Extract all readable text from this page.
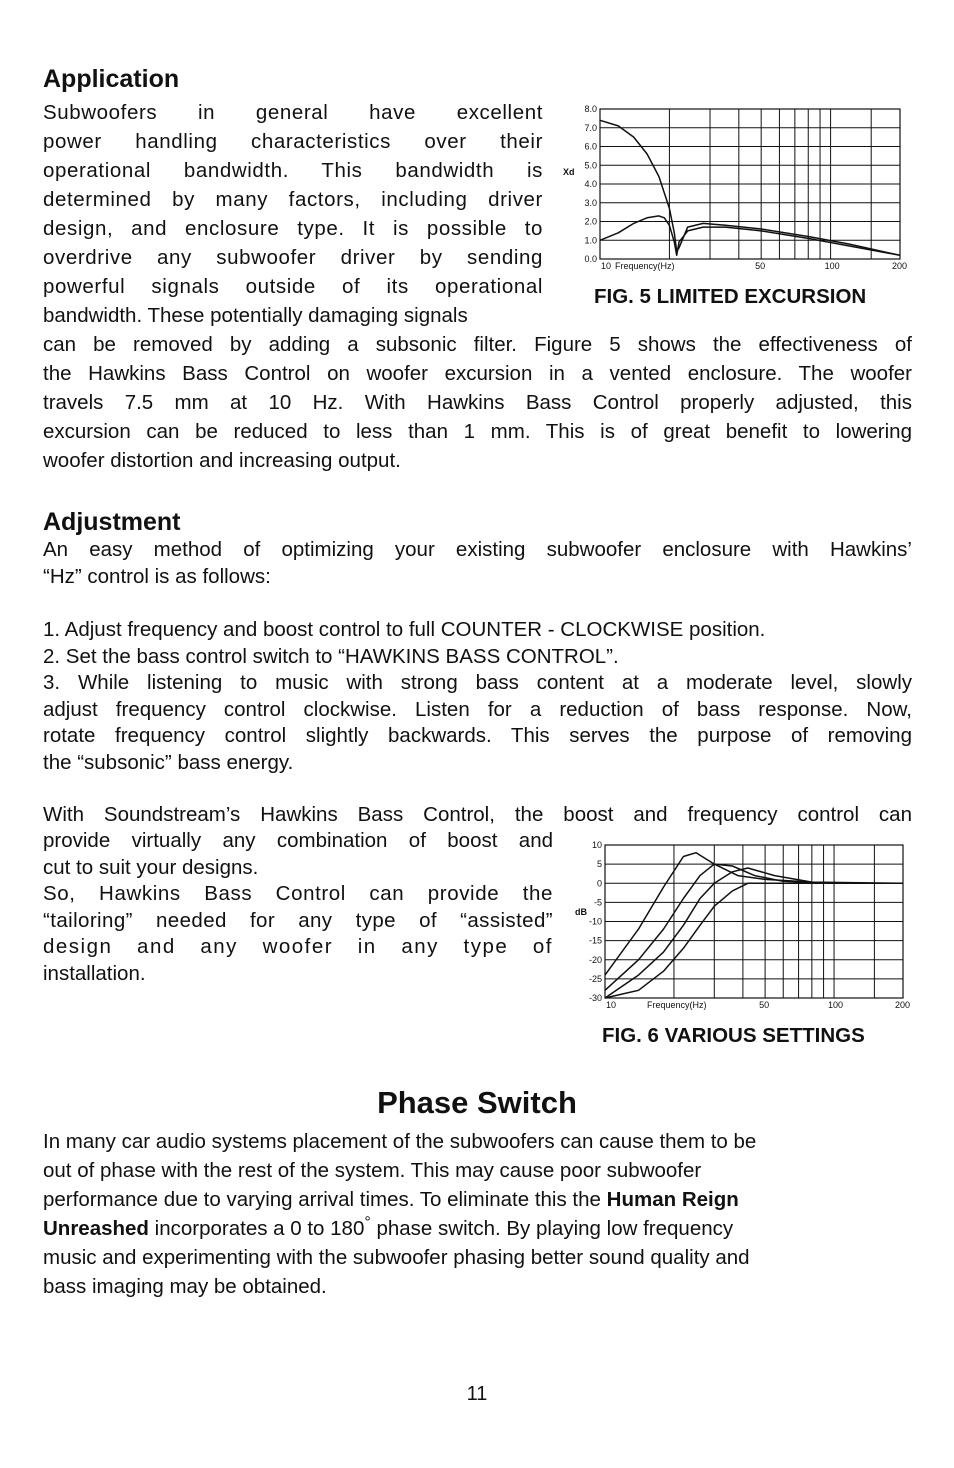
Application
Subwoofers in general have excellent
power handling characteristics over their
operational bandwidth. This bandwidth is
determined by many factors, including driver
design, and enclosure type. It is possible to
overdrive any subwoofer driver by sending
powerful signals outside of its operational
bandwidth. These potentially damaging signals
can be removed by adding a subsonic filter. Figure 5 shows the effectiveness of
the Hawkins Bass Control on woofer excursion in a vented enclosure. The woofer
travels 7.5 mm at 10 Hz. With Hawkins Bass Control properly adjusted, this
excursion can be reduced to less than 1 mm. This is of great benefit to lowering
woofer distortion and increasing output.
0.0
1.0
2.0
3.0
4.0
5.0
6.0
7.0
8.0
Xd
10	50	100	200
Frequency(Hz)
FIG. 5 LIMITED EXCURSION
Adjustment
An easy method of optimizing your existing subwoofer enclosure with Hawkins’
“Hz” control is as follows:
1. Adjust frequency and boost control to full COUNTER - CLOCKWISE position.
2. Set the bass control switch to “HAWKINS BASS CONTROL”.
3. While listening to music with strong bass content at a moderate level, slowly
adjust frequency control clockwise. Listen for a reduction of bass response. Now,
rotate frequency control slightly backwards. This serves the purpose of removing
the “subsonic” bass energy.
With Soundstream’s Hawkins Bass Control, the boost and frequency control can
provide virtually any combination of boost and
cut to suit your designs.
So, Hawkins Bass Control can provide the
“tailoring” needed for any type of “assisted”
design and any woofer in any type of
installation.
10
5
0
-5
-10
-15
-20
-25
-30
dB
10	50	100	200
Frequency(Hz)
FIG. 6 VARIOUS SETTINGS
Phase Switch
In many car audio systems placement of the subwoofers can cause them to be
out of phase with the rest of the system. This may cause poor subwoofer
performance due to varying arrival times. To eliminate this the Human Reign
Unreashed incorporates a 0 to 180° phase switch. By playing low frequency
music and experimenting with the subwoofer phasing better sound quality and
bass imaging may be obtained.
11
